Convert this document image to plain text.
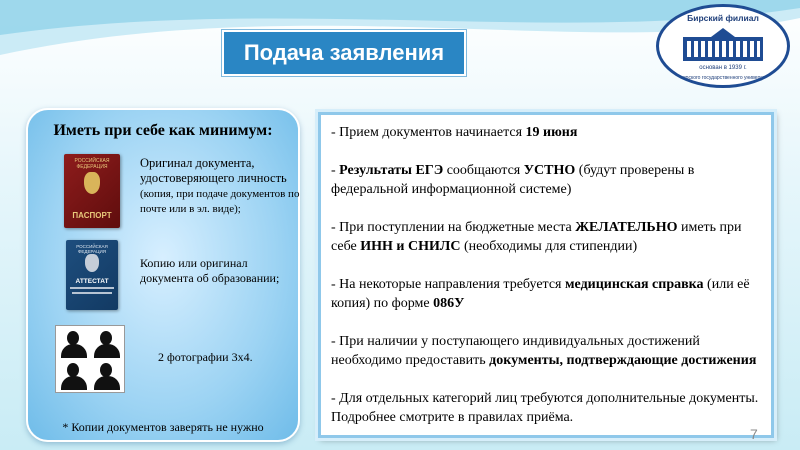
Подача заявления
Бирский филиал
основан в 1939 г.
Башкирского государственного университета
Иметь при себе как минимум:
РОССИЙСКАЯ ФЕДЕРАЦИЯ
ПАСПОРТ
Оригинал документа, удостоверяющего личность (копия, при подаче документов по почте или в эл. виде);
РОССИЙСКАЯ ФЕДЕРАЦИЯ
АТТЕСТАТ
Копию или оригинал документа об образовании;
2 фотографии 3х4.
* Копии документов заверять не нужно

- Прием документов начинается 19 июня

- Результаты ЕГЭ сообщаются УСТНО (будут проверены в федеральной информационной системе)

- При поступлении на бюджетные места ЖЕЛАТЕЛЬНО иметь при себе ИНН и СНИЛС (необходимы для стипендии)

- На некоторые направления требуется медицинская справка (или её копия) по форме 086У

- При наличии у поступающего индивидуальных достижений необходимо предоставить документы, подтверждающие достижения

- Для отдельных категорий лиц требуются дополнительные документы. Подробнее смотрите в правилах приёма.

7
